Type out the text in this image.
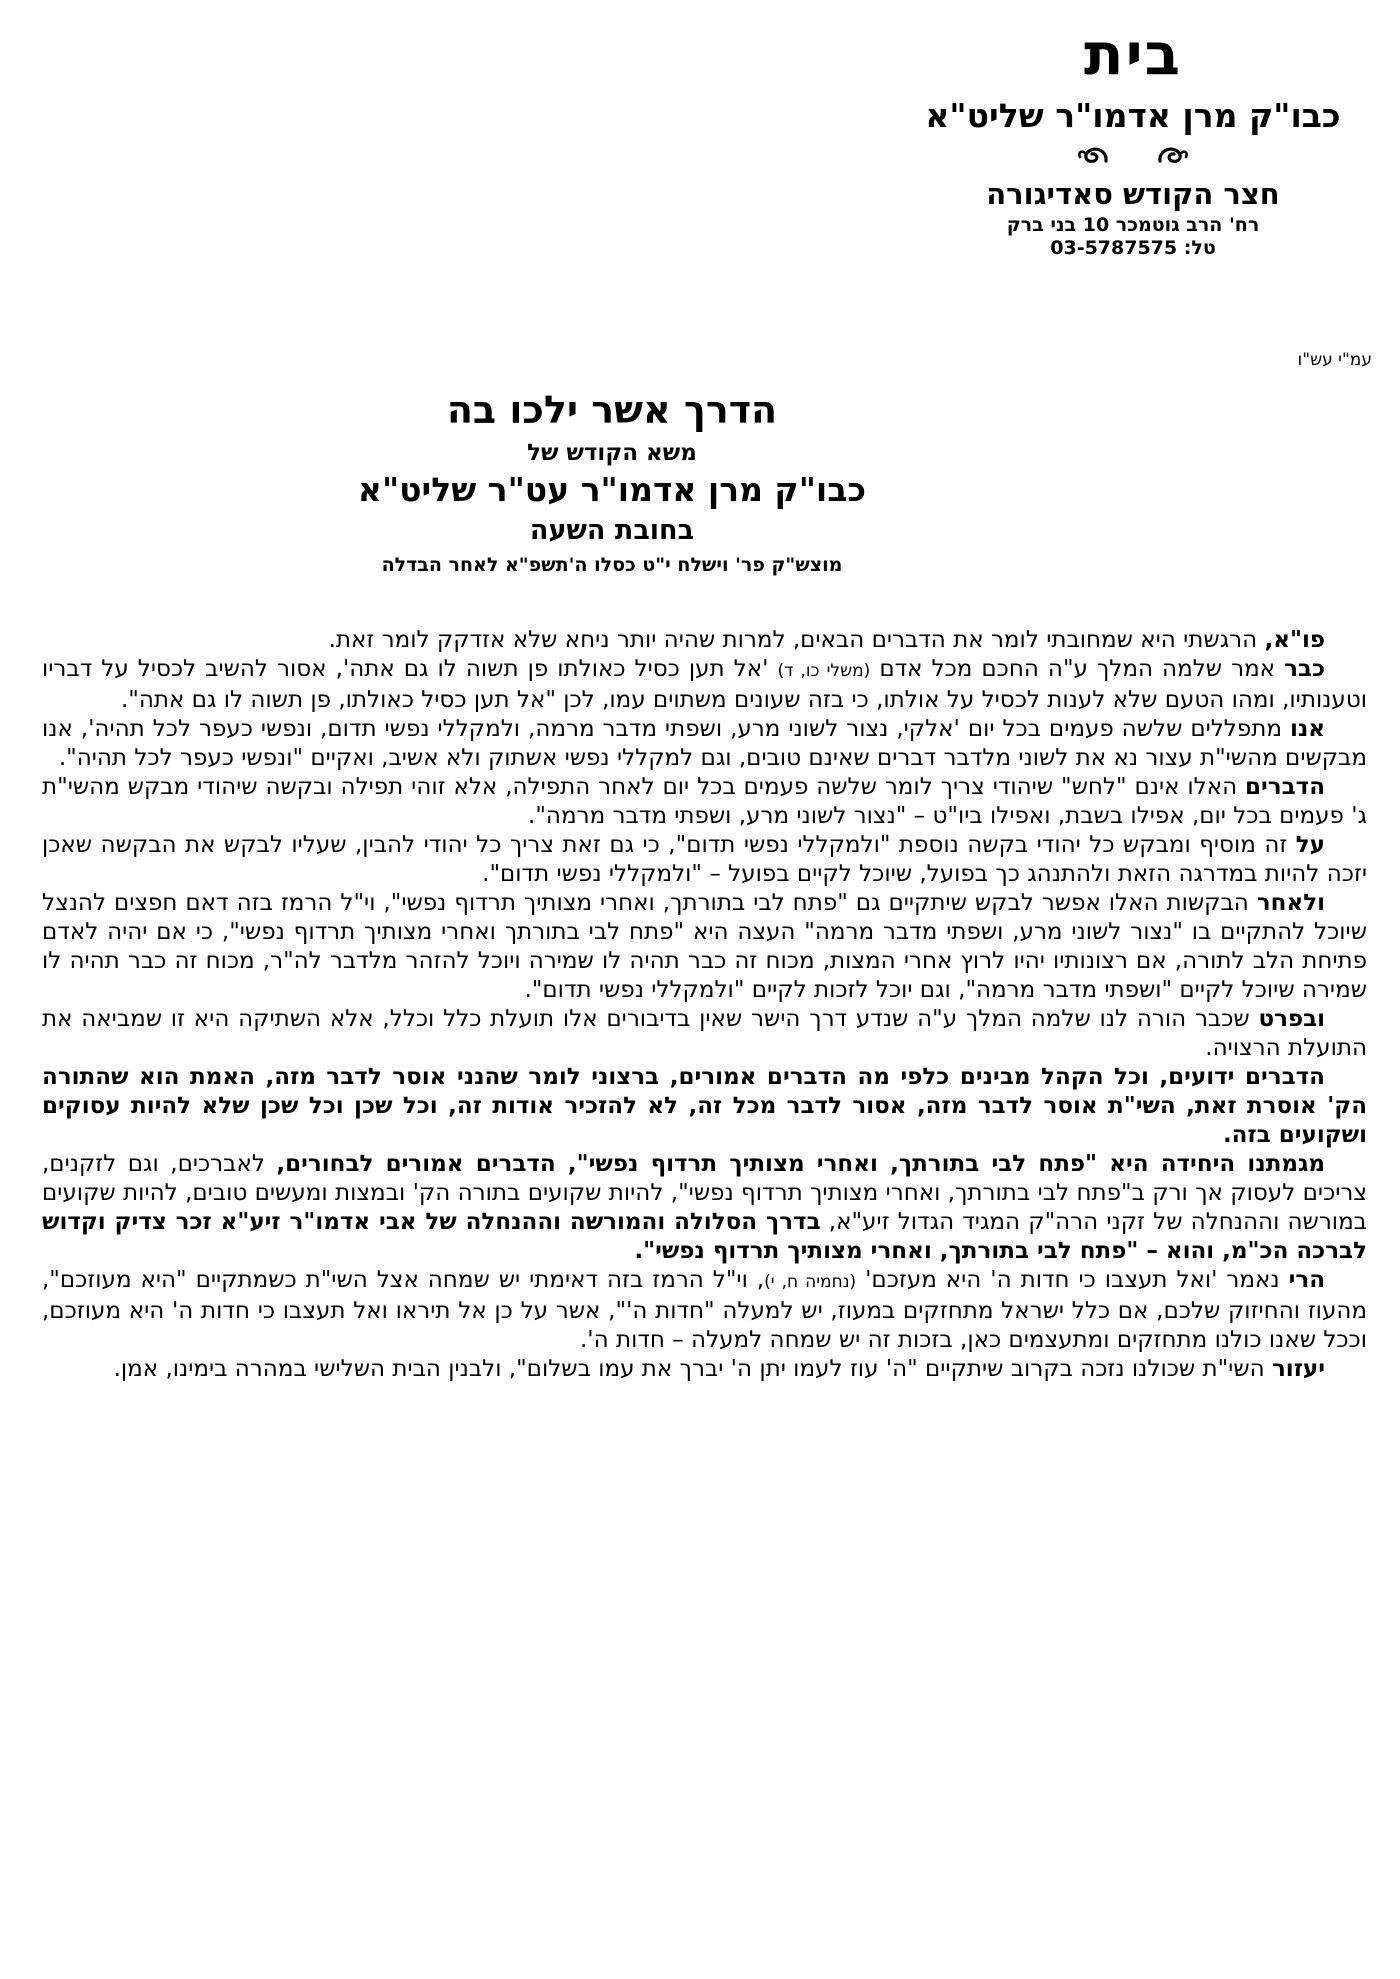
בית
כבו"ק מרן אדמו"ר שליט"א
חצר הקודש סאדיגורה
רח' הרב גוטמכר 10 בני ברק
טל: 03-5787575
עמ"י עש"ו
הדרך אשר ילכו בה
משא הקודש של
כבו"ק מרן אדמו"ר עט"ר שליט"א
בחובת השעה
מוצש"ק פר' וישלח י"ט כסלו ה'תשפ"א לאחר הבדלה

פו"א, הרגשתי היא שמחובתי לומר את הדברים הבאים, למרות שהיה יותר ניחא שלא אזדקק לומר זאת.

כבר אמר שלמה המלך ע"ה החכם מכל אדם (משלי כו, ד) 'אל תען כסיל כאולתו פן תשוה לו גם אתה', אסור להשיב לכסיל על דבריו וטענותיו, ומהו הטעם שלא לענות לכסיל על אולתו, כי בזה שעונים משתוים עמו, לכן "אל תען כסיל כאולתו, פן תשוה לו גם אתה".

אנו מתפללים שלשה פעמים בכל יום 'אלקי, נצור לשוני מרע, ושפתי מדבר מרמה, ולמקללי נפשי תדום, ונפשי כעפר לכל תהיה', אנו מבקשים מהשי"ת עצור נא את לשוני מלדבר דברים שאינם טובים, וגם למקללי נפשי אשתוק ולא אשיב, ואקיים "ונפשי כעפר לכל תהיה".

הדברים האלו אינם "לחש" שיהודי צריך לומר שלשה פעמים בכל יום לאחר התפילה, אלא זוהי תפילה ובקשה שיהודי מבקש מהשי"ת ג' פעמים בכל יום, אפילו בשבת, ואפילו ביו"ט – "נצור לשוני מרע, ושפתי מדבר מרמה".

על זה מוסיף ומבקש כל יהודי בקשה נוספת "ולמקללי נפשי תדום", כי גם זאת צריך כל יהודי להבין, שעליו לבקש את הבקשה שאכן יזכה להיות במדרגה הזאת ולהתנהג כך בפועל, שיוכל לקיים בפועל – "ולמקללי נפשי תדום".

ולאחר הבקשות האלו אפשר לבקש שיתקיים גם "פתח לבי בתורתך, ואחרי מצותיך תרדוף נפשי", וי"ל הרמז בזה דאם חפצים להנצל שיוכל להתקיים בו "נצור לשוני מרע, ושפתי מדבר מרמה" העצה היא "פתח לבי בתורתך ואחרי מצותיך תרדוף נפשי", כי אם יהיה לאדם פתיחת הלב לתורה, אם רצונותיו יהיו לרוץ אחרי המצות, מכוח זה כבר תהיה לו שמירה ויוכל להזהר מלדבר לה"ר, מכוח זה כבר תהיה לו שמירה שיוכל לקיים "ושפתי מדבר מרמה", וגם יוכל לזכות לקיים "ולמקללי נפשי תדום".

ובפרט שכבר הורה לנו שלמה המלך ע"ה שנדע דרך הישר שאין בדיבורים אלו תועלת כלל וכלל, אלא השתיקה היא זו שמביאה את התועלת הרצויה.

הדברים ידועים, וכל הקהל מבינים כלפי מה הדברים אמורים, ברצוני לומר שהנני אוסר לדבר מזה, האמת הוא שהתורה הק' אוסרת זאת, השי"ת אוסר לדבר מזה, אסור לדבר מכל זה, לא להזכיר אודות זה, וכל שכן וכל שכן שלא להיות עסוקים ושקועים בזה.

מגמתנו היחידה היא "פתח לבי בתורתך, ואחרי מצותיך תרדוף נפשי", הדברים אמורים לבחורים, לאברכים, וגם לזקנים, צריכים לעסוק אך ורק ב"פתח לבי בתורתך, ואחרי מצותיך תרדוף נפשי", להיות שקועים בתורה הק' ובמצות ומעשים טובים, להיות שקועים במורשה וההנחלה של זקני הרה"ק המגיד הגדול זיע"א, בדרך הסלולה והמורשה וההנחלה של אבי אדמו"ר זיע"א זכר צדיק וקדוש לברכה הכ"מ, והוא – "פתח לבי בתורתך, ואחרי מצותיך תרדוף נפשי".

הרי נאמר 'ואל תעצבו כי חדות ה' היא מעזכם' (נחמיה ח, י), וי"ל הרמז בזה דאימתי יש שמחה אצל השי"ת כשמתקיים "היא מעוזכם", מהעוז והחיזוק שלכם, אם כלל ישראל מתחזקים במעוז, יש למעלה "חדות ה'", אשר על כן אל תיראו ואל תעצבו כי חדות ה' היא מעוזכם, וככל שאנו כולנו מתחזקים ומתעצמים כאן, בזכות זה יש שמחה למעלה – חדות ה'.

יעזור השי"ת שכולנו נזכה בקרוב שיתקיים "ה' עוז לעמו יתן ה' יברך את עמו בשלום", ולבנין הבית השלישי במהרה בימינו, אמן.
